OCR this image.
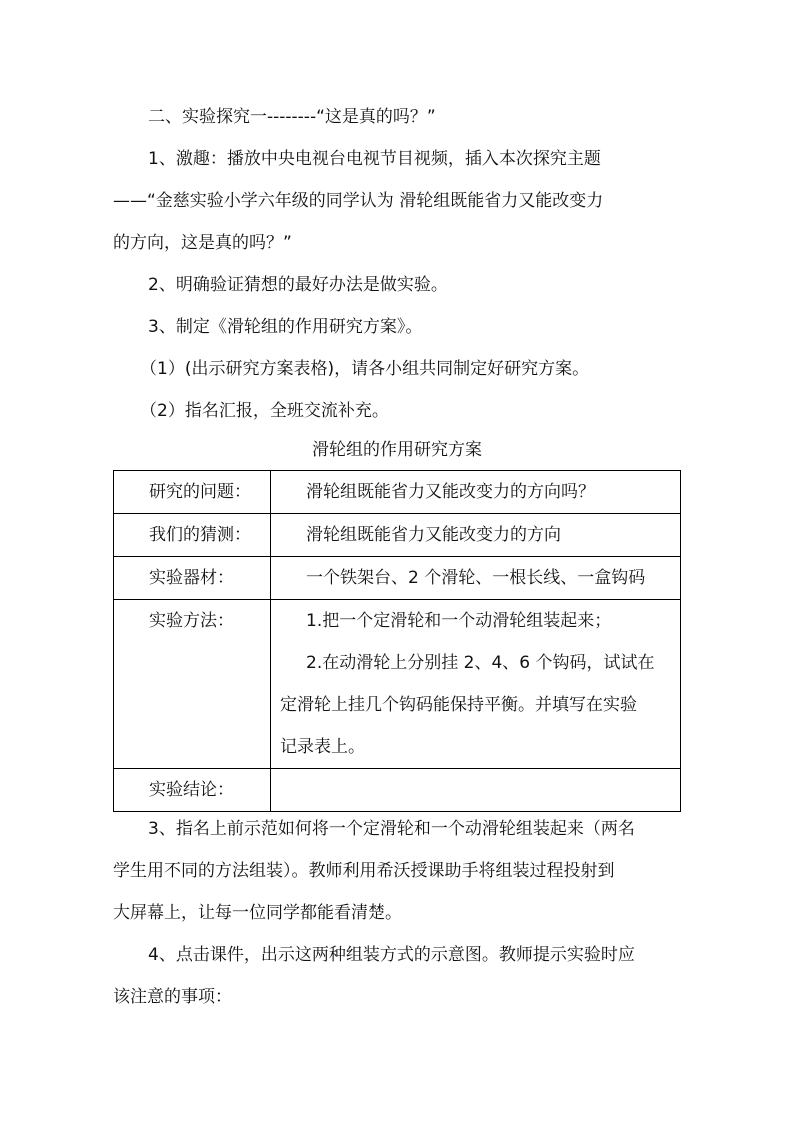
二、实验探究一--------“这是真的吗？”

1、激趣：播放中央电视台电视节目视频，插入本次探究主题

——“金慈实验小学六年级的同学认为 滑轮组既能省力又能改变力

的方向，这是真的吗？”

2、明确验证猜想的最好办法是做实验。

3、制定《滑轮组的作用研究方案》。

（1）(出示研究方案表格)，请各小组共同制定好研究方案。

（2）指名汇报，全班交流补充。

滑轮组的作用研究方案
研究的问题：	滑轮组既能省力又能改变力的方向吗？

我们的猜测：	滑轮组既能省力又能改变力的方向

实验器材：	一个铁架台、2 个滑轮、一根长线、一盒钩码

实验方法：	1.把一个定滑轮和一个动滑轮组装起来；
2.在动滑轮上分别挂 2、4、6 个钩码，试试在
定滑轮上挂几个钩码能保持平衡。并填写在实验
记录表上。

实验结论：	

3、指名上前示范如何将一个定滑轮和一个动滑轮组装起来（两名

学生用不同的方法组装）。教师利用希沃授课助手将组装过程投射到

大屏幕上，让每一位同学都能看清楚。

4、点击课件，出示这两种组装方式的示意图。教师提示实验时应

该注意的事项：
